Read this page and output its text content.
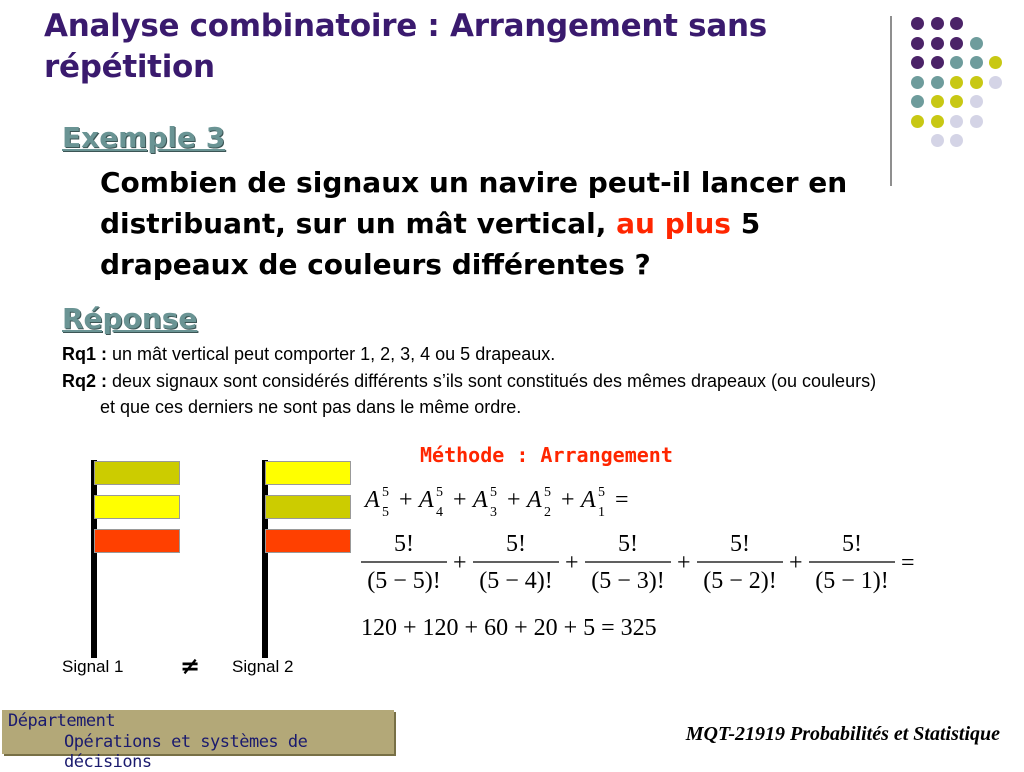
Analyse combinatoire : Arrangement sans répétition
Exemple 3
Combien de signaux un navire peut-il lancer en distribuant, sur un mât vertical, au plus 5 drapeaux de couleurs différentes ?
Réponse
Rq1 : un mât vertical peut comporter 1, 2, 3, 4 ou 5 drapeaux.
Rq2 : deux signaux sont considérés différents s’ils sont constitués des mêmes drapeaux (ou couleurs) et que ces derniers ne sont pas dans le même ordre.
Méthode : Arrangement
Signal 1 ≠ Signal 2
A 5
5 + A 5
4 + A 5
3 + A 5
2 + A 5
1 =
5!
(5 − 5)!
+
5!
(5 − 4)!
+
5!
(5 − 3)!
+
5!
(5 − 2)!
+
5!
(5 − 1)!
=
120 + 120 + 60 + 20 + 5 = 325
Département
Opérations et systèmes de décisions
MQT-21919 Probabilités et Statistique
